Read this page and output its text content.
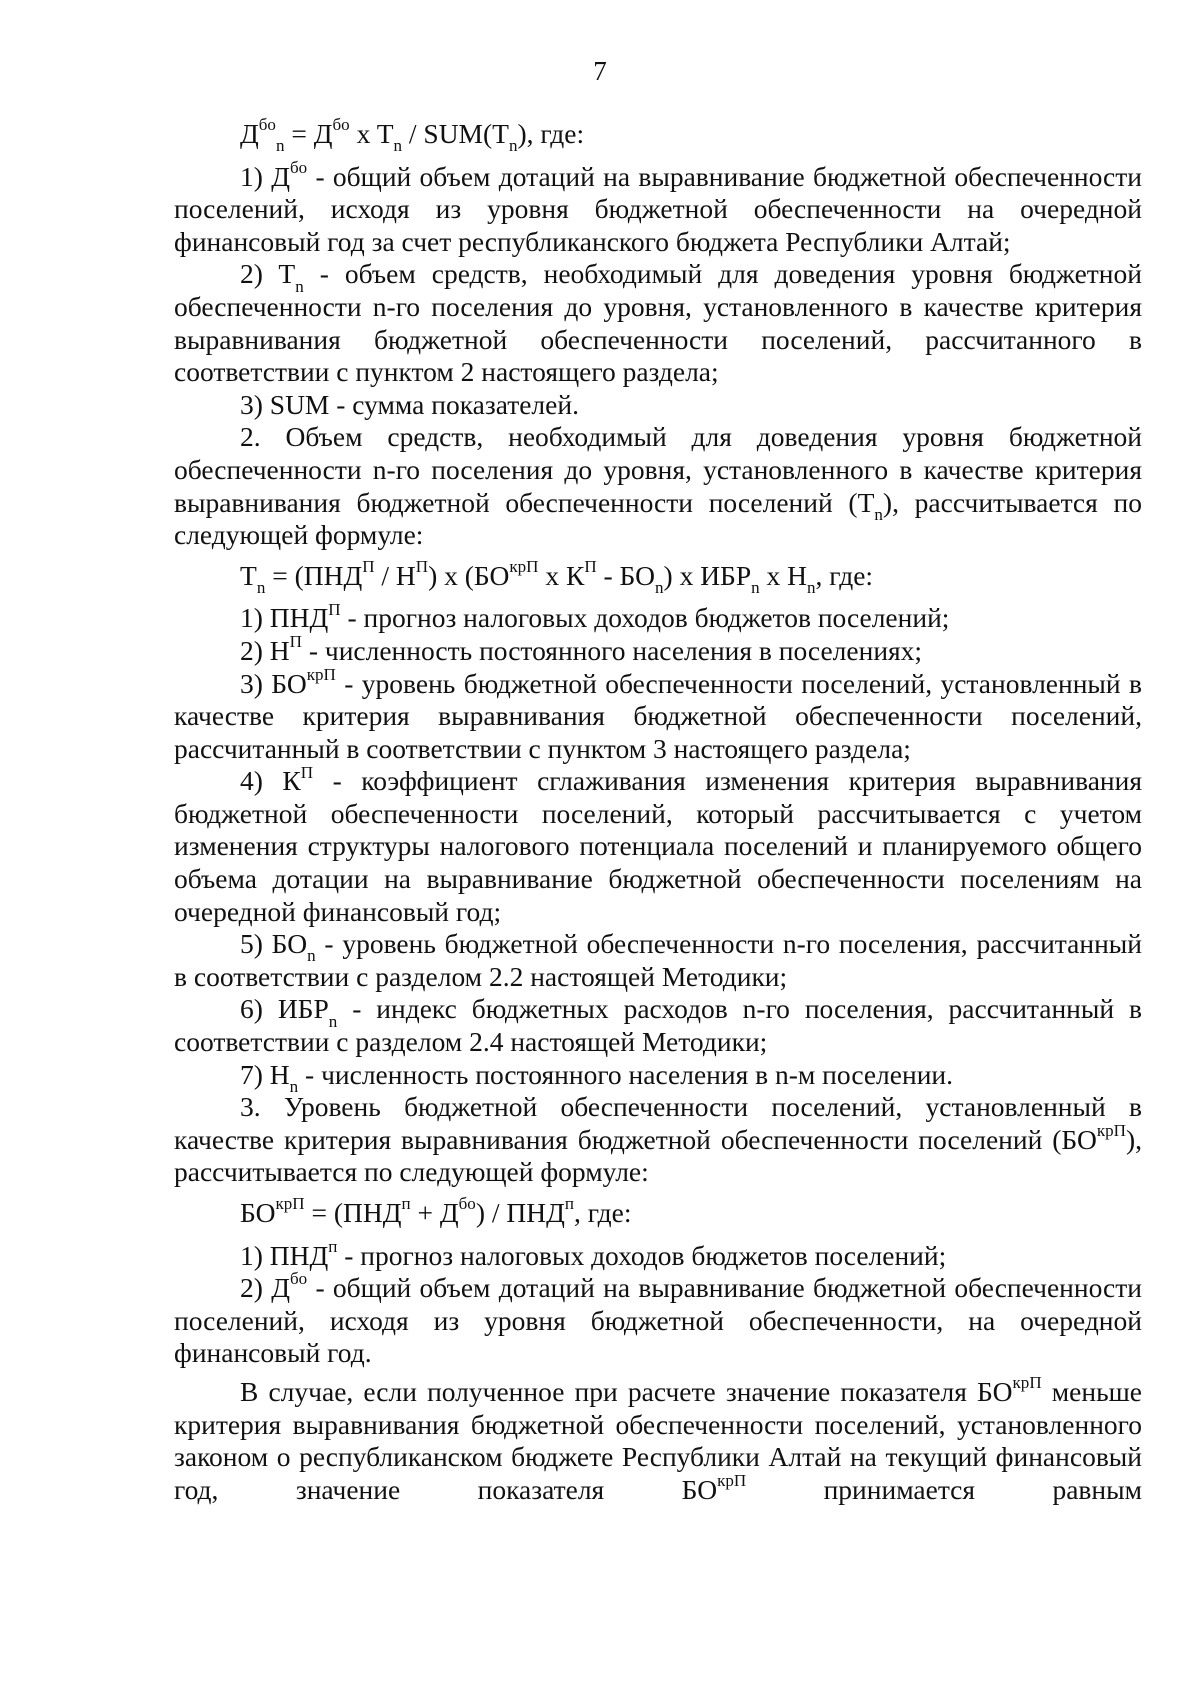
7

$Д^{бо}_n = Д^{бо}$ x $T_n / SUM(T_n)$, где:

1) $Д^{бо}$ - общий объем дотаций на выравнивание бюджетной обеспеченности поселений, исходя из уровня бюджетной обеспеченности на очередной финансовый год за счет республиканского бюджета Республики Алтай;

2) $T_n$ - объем средств, необходимый для доведения уровня бюджетной обеспеченности n-го поселения до уровня, установленного в качестве критерия выравнивания бюджетной обеспеченности поселений, рассчитанного в соответствии с пунктом 2 настоящего раздела;

3) SUM - сумма показателей.

2. Объем средств, необходимый для доведения уровня бюджетной обеспеченности n-го поселения до уровня, установленного в качестве критерия выравнивания бюджетной обеспеченности поселений $(T_n)$, рассчитывается по следующей формуле:

$T_n = (ПНД^П / Н^П)$ x ($БО^{крП}$ x $К^П - БО_n$) x $ИБР_n$ x $Н_n$, где:

1) $ПНД^П$ - прогноз налоговых доходов бюджетов поселений;

2) $Н^П$ - численность постоянного населения в поселениях;

3) $БО^{крП}$ - уровень бюджетной обеспеченности поселений, установленный в качестве критерия выравнивания бюджетной обеспеченности поселений, рассчитанный в соответствии с пунктом 3 настоящего раздела;

4) $К^П$ - коэффициент сглаживания изменения критерия выравнивания бюджетной обеспеченности поселений, который рассчитывается с учетом изменения структуры налогового потенциала поселений и планируемого общего объема дотации на выравнивание бюджетной обеспеченности поселениям на очередной финансовый год;

5) $БО_n$ - уровень бюджетной обеспеченности n-го поселения, рассчитанный в соответствии с разделом 2.2 настоящей Методики;

6) $ИБР_n$ - индекс бюджетных расходов n-го поселения, рассчитанный в соответствии с разделом 2.4 настоящей Методики;

7) $Н_n$ - численность постоянного населения в n-м поселении.

3. Уровень бюджетной обеспеченности поселений, установленный в качестве критерия выравнивания бюджетной обеспеченности поселений $(БО^{крП})$, рассчитывается по следующей формуле:

$БО^{крП} = (ПНД^п + Д^{бо}) / ПНД^п$, где:

1) $ПНД^п$ - прогноз налоговых доходов бюджетов поселений;

2) $Д^{бо}$ - общий объем дотаций на выравнивание бюджетной обеспеченности поселений, исходя из уровня бюджетной обеспеченности, на очередной финансовый год.

В случае, если полученное при расчете значение показателя $БО^{крП}$ меньше критерия выравнивания бюджетной обеспеченности поселений, установленного законом о республиканском бюджете Республики Алтай на текущий финансовый год, значение показателя $БО^{крП}$ принимается равным
